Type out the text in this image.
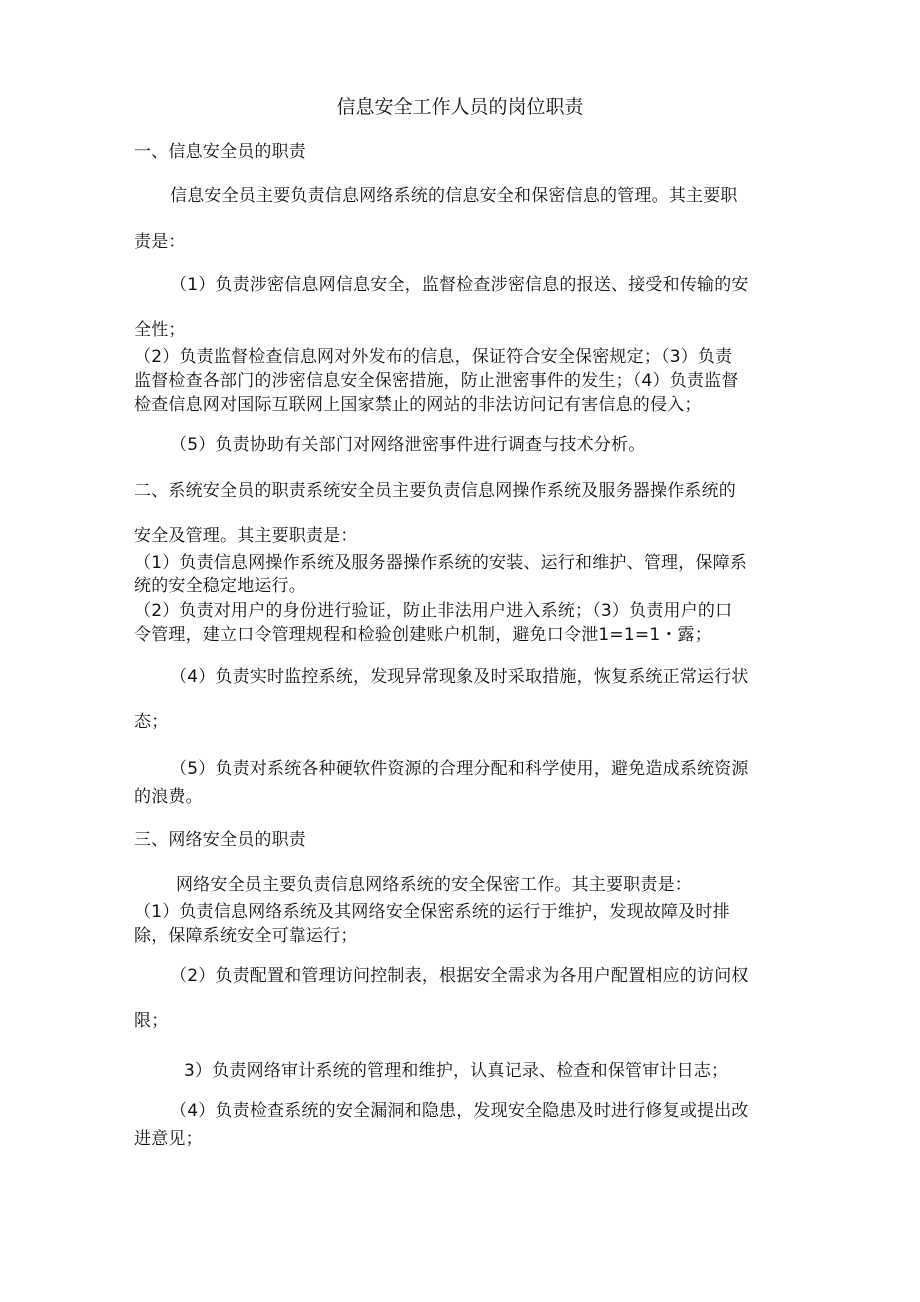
信息安全工作人员的岗位职责
一、信息安全员的职责
信息安全员主要负责信息网络系统的信息安全和保密信息的管理。其主要职
责是：
（1）负责涉密信息网信息安全，监督检查涉密信息的报送、接受和传输的安
全性；
（2）负责监督检查信息网对外发布的信息，保证符合安全保密规定；（3）负责
监督检查各部门的涉密信息安全保密措施，防止泄密事件的发生；（4）负责监督
检查信息网对国际互联网上国家禁止的网站的非法访问记有害信息的侵入；
（5）负责协助有关部门对网络泄密事件进行调查与技术分析。
二、系统安全员的职责系统安全员主要负责信息网操作系统及服务器操作系统的
安全及管理。其主要职责是：
（1）负责信息网操作系统及服务器操作系统的安装、运行和维护、管理，保障系
统的安全稳定地运行。
（2）负责对用户的身份进行验证，防止非法用户进入系统；（3）负责用户的口
令管理，建立口令管理规程和检验创建账户机制，避免口令泄1=1=1・露；
（4）负责实时监控系统，发现异常现象及时采取措施，恢复系统正常运行状
态；
（5）负责对系统各种硬软件资源的合理分配和科学使用，避免造成系统资源
的浪费。
三、网络安全员的职责
网络安全员主要负责信息网络系统的安全保密工作。其主要职责是：
（1）负责信息网络系统及其网络安全保密系统的运行于维护，发现故障及时排
除，保障系统安全可靠运行；
（2）负责配置和管理访问控制表，根据安全需求为各用户配置相应的访问权
限；
3）负责网络审计系统的管理和维护，认真记录、检查和保管审计日志；
（4）负责检查系统的安全漏洞和隐患，发现安全隐患及时进行修复或提出改
进意见；
